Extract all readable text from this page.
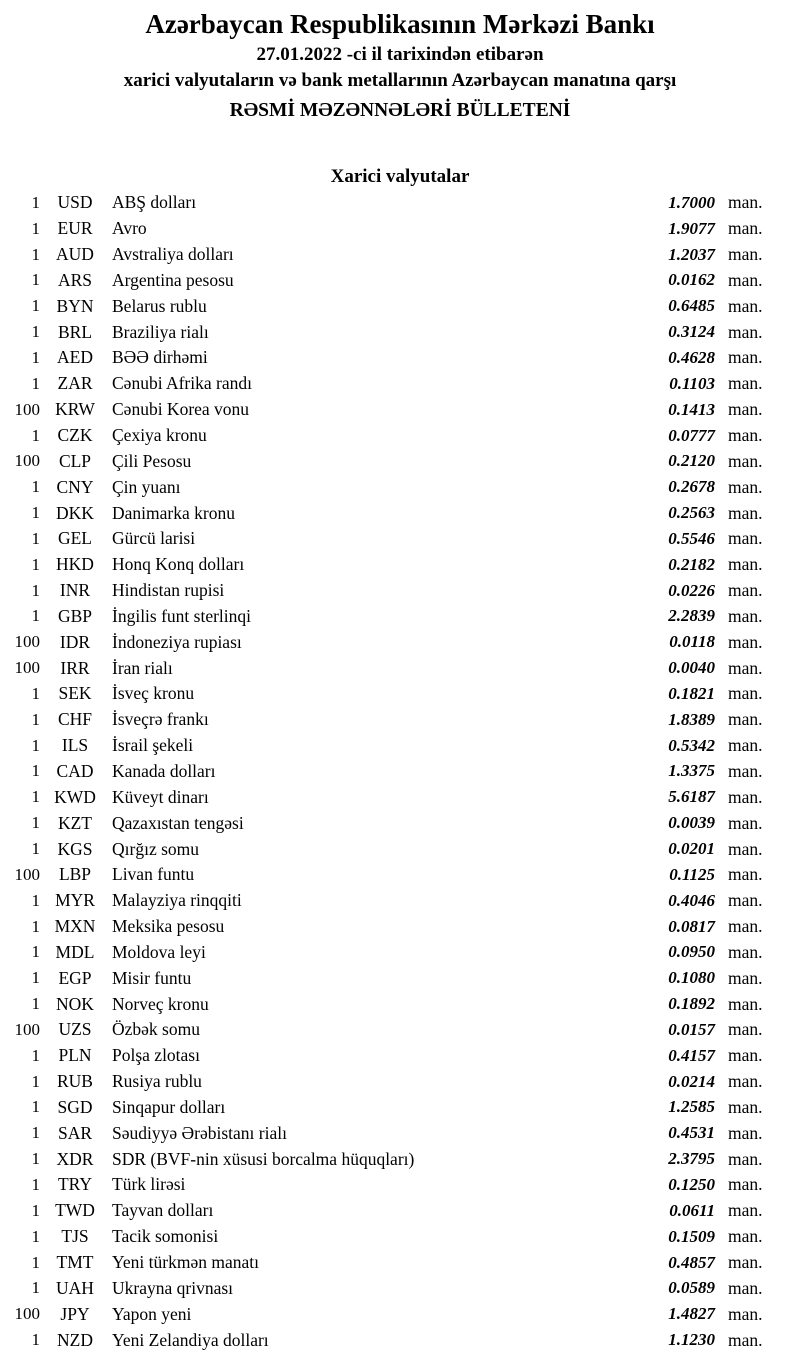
Azərbaycan Respublikasının Mərkəzi Bankı
27.01.2022 -ci il tarixindən etibarən
xarici valyutaların və bank metallarının Azərbaycan manatına qarşı
RƏSMİ MƏZƏNNƏLƏRİ BÜLLETENİ
Xarici valyutalar
1 USD	ABŞ dolları	1.7000 man.
1	EUR	Avro	1.9077 man.
1 AUD	Avstraliya dolları	1.2037 man.
1	ARS	Argentina pesosu	0.0162 man.
1 BYN	Belarus rublu	0.6485 man.
1	BRL	Braziliya rialı	0.3124 man.
1 AED	BƏƏ dirhəmi	0.4628 man.
1	ZAR	Cənubi Afrika randı	0.1103 man.
100 KRW Cənubi Korea vonu	0.1413 man.
1	CZK	Çexiya kronu	0.0777 man.
100	CLP	Çili Pesosu	0.2120 man.
1 CNY	Çin yuanı	0.2678 man.
1 DKK	Danimarka kronu	0.2563 man.
1	GEL	Gürcü larisi	0.5546 man.
1 HKD	Honq Konq dolları	0.2182 man.
1	INR	Hindistan rupisi	0.0226 man.
1	GBP	İngilis funt sterlinqi	2.2839 man.
100	IDR	İndoneziya rupiası	0.0118 man.
100	IRR	İran rialı	0.0040 man.
1	SEK	İsveç kronu	0.1821 man.
1	CHF	İsveçrə frankı	1.8389 man.
1	ILS	İsrail şekeli	0.5342 man.
1 CAD	Kanada dolları	1.3375 man.
1 KWD Küveyt dinarı	5.6187 man.
1	KZT	Qazaxıstan tengəsi	0.0039 man.
1 KGS	Qırğız somu	0.0201 man.
100	LBP	Livan funtu	0.1125 man.
1 MYR Malayziya rinqqiti	0.4046 man.
1 MXN Meksika pesosu	0.0817 man.
1 MDL	Moldova leyi	0.0950 man.
1	EGP	Misir funtu	0.1080 man.
1 NOK	Norveç kronu	0.1892 man.
100	UZS	Özbək somu	0.0157 man.
1	PLN	Polşa zlotası	0.4157 man.
1 RUB	Rusiya rublu	0.0214 man.
1 SGD	Sinqapur dolları	1.2585 man.
1	SAR	Səudiyyə Ərəbistanı rialı	0.4531 man.
1 XDR	SDR (BVF-nin xüsusi borcalma hüquqları)	2.3795 man.
1	TRY	Türk lirəsi	0.1250 man.
1 TWD Tayvan dolları	0.0611 man.
1	TJS	Tacik somonisi	0.1509 man.
1 TMT	Yeni türkmən manatı	0.4857 man.
1 UAH	Ukrayna qrivnası	0.0589 man.
100	JPY	Yapon yeni	1.4827 man.
1 NZD	Yeni Zelandiya dolları	1.1230 man.
